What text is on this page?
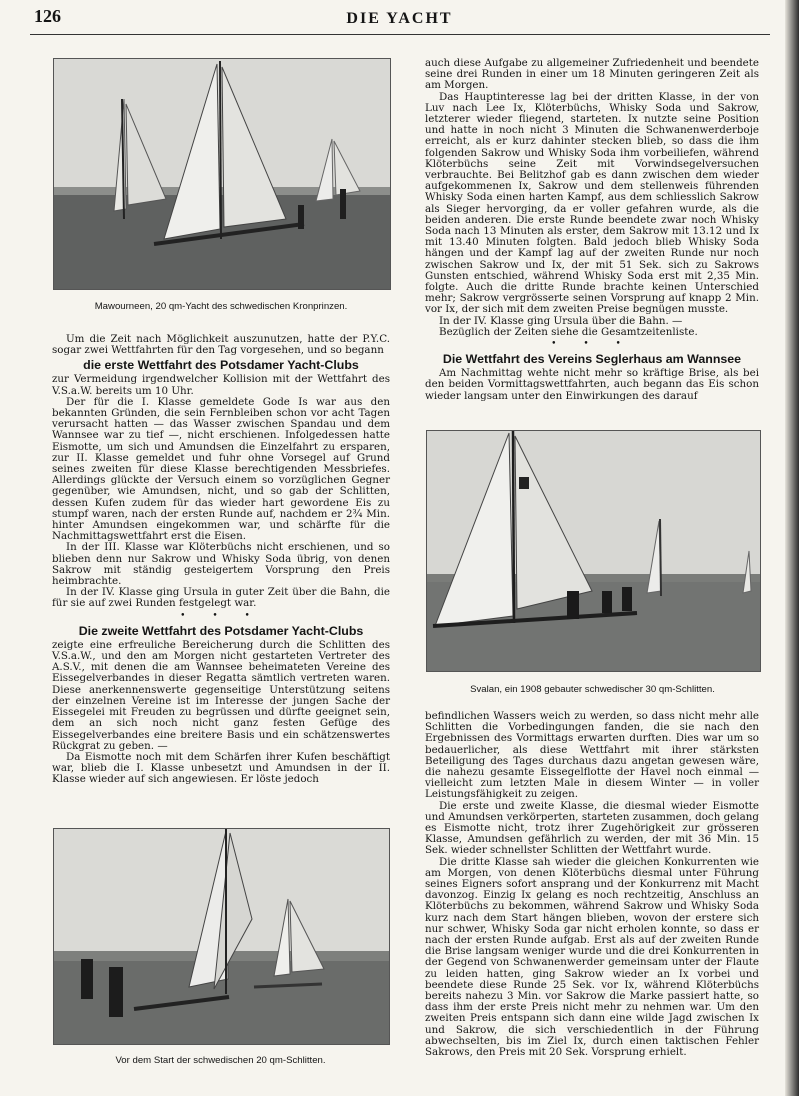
126	DIE YACHT
Mawourneen, 20 qm-Yacht des schwedischen Kronprinzen.

Um die Zeit nach Möglichkeit auszunutzen, hatte der P.Y.C. sogar zwei Wettfahrten für den Tag vorgesehen, und so begann

die erste Wettfahrt des Potsdamer Yacht-Clubs

zur Vermeidung irgendwelcher Kollision mit der Wettfahrt des V.S.a.W. bereits um 10 Uhr.

Der für die I. Klasse gemeldete Gode Is war aus den bekannten Gründen, die sein Fernbleiben schon vor acht Tagen verursacht hatten — das Wasser zwischen Spandau und dem Wannsee war zu tief —, nicht erschienen. Infolgedessen hatte Eismotte, um sich und Amundsen die Einzelfahrt zu ersparen, zur II. Klasse gemeldet und fuhr ohne Vorsegel auf Grund seines zweiten für diese Klasse berechtigenden Messbriefes. Allerdings glückte der Versuch einem so vorzüglichen Gegner gegenüber, wie Amundsen, nicht, und so gab der Schlitten, dessen Kufen zudem für das wieder hart gewordene Eis zu stumpf waren, nach der ersten Runde auf, nachdem er 2¾ Min. hinter Amundsen eingekommen war, und schärfte für die Nachmittagswettfahrt erst die Eisen.

In der III. Klasse war Klöterbüchs nicht erschienen, und so blieben denn nur Sakrow und Whisky Soda übrig, von denen Sakrow mit ständig gesteigertem Vorsprung den Preis heimbrachte.

In der IV. Klasse ging Ursula in guter Zeit über die Bahn, die für sie auf zwei Runden festgelegt war.

• • •
Die zweite Wettfahrt des Potsdamer Yacht-Clubs

zeigte eine erfreuliche Bereicherung durch die Schlitten des V.S.a.W., und den am Morgen nicht gestarteten Vertreter des A.S.V., mit denen die am Wannsee beheimateten Vereine des Eissegelverbandes in dieser Regatta sämtlich vertreten waren. Diese anerkennenswerte gegenseitige Unterstützung seitens der einzelnen Vereine ist im Interesse der jungen Sache der Eissegelei mit Freuden zu begrüssen und dürfte geeignet sein, dem an sich noch nicht ganz festen Gefüge des Eissegelverbandes eine breitere Basis und ein schätzenswertes Rückgrat zu geben. —

Da Eismotte noch mit dem Schärfen ihrer Kufen beschäftigt war, blieb die I. Klasse unbesetzt und Amundsen in der II. Klasse wieder auf sich angewiesen. Er löste jedoch

Vor dem Start der schwedischen 20 qm-Schlitten.

auch diese Aufgabe zu allgemeiner Zufriedenheit und beendete seine drei Runden in einer um 18 Minuten geringeren Zeit als am Morgen.

Das Hauptinteresse lag bei der dritten Klasse, in der von Luv nach Lee Ix, Klöterbüchs, Whisky Soda und Sakrow, letzterer wieder fliegend, starteten. Ix nutzte seine Position und hatte in noch nicht 3 Minuten die Schwanenwerderboje erreicht, als er kurz dahinter stecken blieb, so dass die ihm folgenden Sakrow und Whisky Soda ihm vorbeiliefen, während Klöterbüchs seine Zeit mit Vorwindsegelversuchen verbrauchte. Bei Belitzhof gab es dann zwischen dem wieder aufgekommenen Ix, Sakrow und dem stellenweis führenden Whisky Soda einen harten Kampf, aus dem schliesslich Sakrow als Sieger hervorging, da er voller gefahren wurde, als die beiden anderen. Die erste Runde beendete zwar noch Whisky Soda nach 13 Minuten als erster, dem Sakrow mit 13.12 und Ix mit 13.40 Minuten folgten. Bald jedoch blieb Whisky Soda hängen und der Kampf lag auf der zweiten Runde nur noch zwischen Sakrow und Ix, der mit 51 Sek. sich zu Sakrows Gunsten entschied, während Whisky Soda erst mit 2,35 Min. folgte. Auch die dritte Runde brachte keinen Unterschied mehr; Sakrow vergrösserte seinen Vorsprung auf knapp 2 Min. vor Ix, der sich mit dem zweiten Preise begnügen musste.

In der IV. Klasse ging Ursula über die Bahn. —

Bezüglich der Zeiten siehe die Gesamtzeitenliste.

• • •
Die Wettfahrt des Vereins Seglerhaus am Wannsee

Am Nachmittag wehte nicht mehr so kräftige Brise, als bei den beiden Vormittagswettfahrten, auch begann das Eis schon wieder langsam unter den Einwirkungen des darauf

Svalan, ein 1908 gebauter schwedischer 30 qm-Schlitten.

befindlichen Wassers weich zu werden, so dass nicht mehr alle Schlitten die Vorbedingungen fanden, die sie nach den Ergebnissen des Vormittags erwarten durften. Dies war um so bedauerlicher, als diese Wettfahrt mit ihrer stärksten Beteiligung des Tages durchaus dazu angetan gewesen wäre, die nahezu gesamte Eissegelflotte der Havel noch einmal — vielleicht zum letzten Male in diesem Winter — in voller Leistungsfähigkeit zu zeigen.

Die erste und zweite Klasse, die diesmal wieder Eismotte und Amundsen verkörperten, starteten zusammen, doch gelang es Eismotte nicht, trotz ihrer Zugehörigkeit zur grösseren Klasse, Amundsen gefährlich zu werden, der mit 36 Min. 15 Sek. wieder schnellster Schlitten der Wettfahrt wurde.

Die dritte Klasse sah wieder die gleichen Konkurrenten wie am Morgen, von denen Klöterbüchs diesmal unter Führung seines Eigners sofort ansprang und der Konkurrenz mit Macht davonzog. Einzig Ix gelang es noch rechtzeitig, Anschluss an Klöterbüchs zu bekommen, während Sakrow und Whisky Soda kurz nach dem Start hängen blieben, wovon der erstere sich nur schwer, Whisky Soda gar nicht erholen konnte, so dass er nach der ersten Runde aufgab. Erst als auf der zweiten Runde die Brise langsam weniger wurde und die drei Konkurrenten in der Gegend von Schwanenwerder gemeinsam unter der Flaute zu leiden hatten, ging Sakrow wieder an Ix vorbei und beendete diese Runde 25 Sek. vor Ix, während Klöterbüchs bereits nahezu 3 Min. vor Sakrow die Marke passiert hatte, so dass ihm der erste Preis nicht mehr zu nehmen war. Um den zweiten Preis entspann sich dann eine wilde Jagd zwischen Ix und Sakrow, die sich verschiedentlich in der Führung abwechselten, bis im Ziel Ix, durch einen taktischen Fehler Sakrows, den Preis mit 20 Sek. Vorsprung erhielt.
